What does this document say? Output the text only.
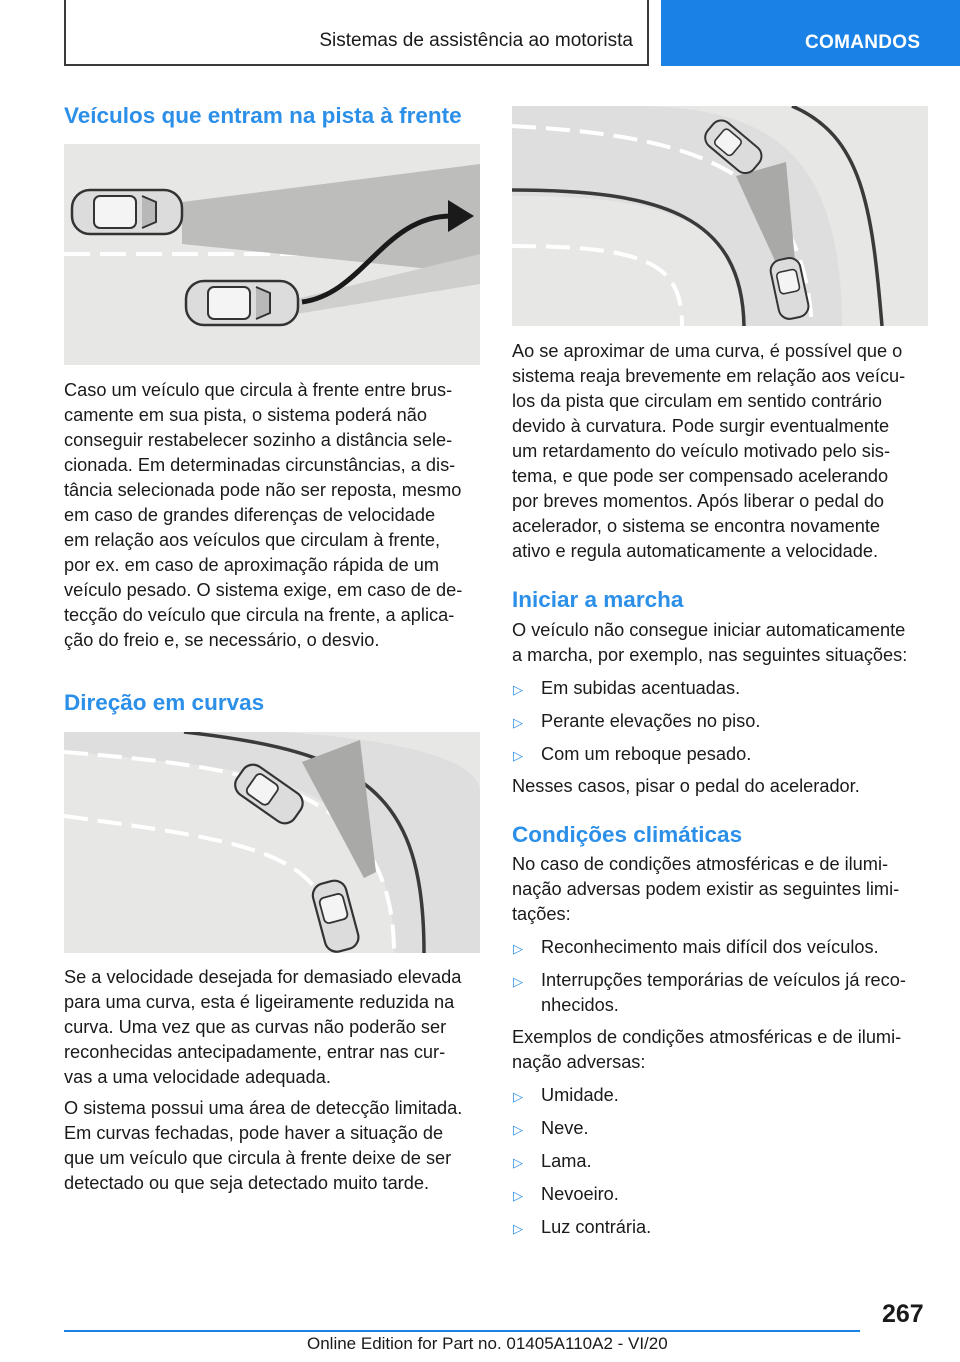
Sistemas de assistência ao motorista	COMANDOS
Veículos que entram na pista à frente

Caso um veículo que circula à frente entre brus-
camente em sua pista, o sistema poderá não
conseguir restabelecer sozinho a distância sele-
cionada. Em determinadas circunstâncias, a dis-
tância selecionada pode não ser reposta, mesmo
em caso de grandes diferenças de velocidade
em relação aos veículos que circulam à frente,
por ex. em caso de aproximação rápida de um
veículo pesado. O sistema exige, em caso de de-
tecção do veículo que circula na frente, a aplica-
ção do freio e, se necessário, o desvio.

Direção em curvas

Se a velocidade desejada for demasiado elevada
para uma curva, esta é ligeiramente reduzida na
curva. Uma vez que as curvas não poderão ser
reconhecidas antecipadamente, entrar nas cur-
vas a uma velocidade adequada.

O sistema possui uma área de detecção limitada.
Em curvas fechadas, pode haver a situação de
que um veículo que circula à frente deixe de ser
detectado ou que seja detectado muito tarde.

Ao se aproximar de uma curva, é possível que o
sistema reaja brevemente em relação aos veícu-
los da pista que circulam em sentido contrário
devido à curvatura. Pode surgir eventualmente
um retardamento do veículo motivado pelo sis-
tema, e que pode ser compensado acelerando
por breves momentos. Após liberar o pedal do
acelerador, o sistema se encontra novamente
ativo e regula automaticamente a velocidade.

Iniciar a marcha

O veículo não consegue iniciar automaticamente
a marcha, por exemplo, nas seguintes situações:

▷ Em subidas acentuadas.
▷ Perante elevações no piso.
▷ Com um reboque pesado.

Nesses casos, pisar o pedal do acelerador.

Condições climáticas

No caso de condições atmosféricas e de ilumi-
nação adversas podem existir as seguintes limi-
tações:

▷ Reconhecimento mais difícil dos veículos.
▷ Interrupções temporárias de veículos já reco-
nhecidos.

Exemplos de condições atmosféricas e de ilumi-
nação adversas:

▷ Umidade.
▷ Neve.
▷ Lama.
▷ Nevoeiro.
▷ Luz contrária.
267
Online Edition for Part no. 01405A110A2 - VI/20
